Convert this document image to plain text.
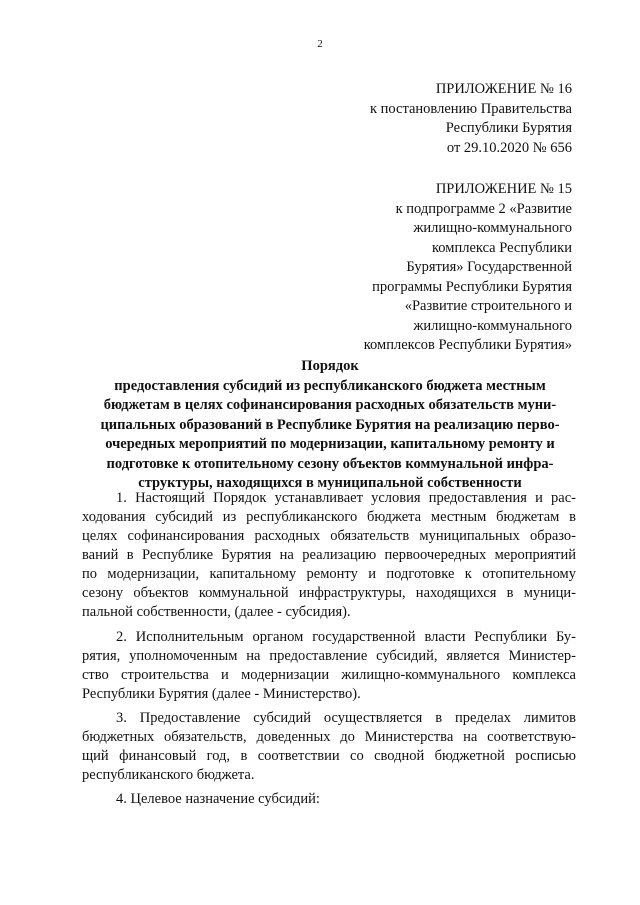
2
ПРИЛОЖЕНИЕ № 16
к постановлению Правительства
Республики Бурятия
от 29.10.2020 № 656
ПРИЛОЖЕНИЕ № 15
к подпрограмме 2 «Развитие
жилищно-коммунального
комплекса Республики
Бурятия» Государственной
программы Республики Бурятия
«Развитие строительного и
жилищно-коммунального
комплексов Республики Бурятия»
Порядок
предоставления субсидий из республиканского бюджета местным
бюджетам в целях софинансирования расходных обязательств муни-
ципальных образований в Республике Бурятия на реализацию перво-
очередных мероприятий по модернизации, капитальному ремонту и
подготовке к отопительному сезону объектов коммунальной инфра-
структуры, находящихся в муниципальной собственности
1. Настоящий Порядок устанавливает условия предоставления и рас-
ходования субсидий из республиканского бюджета местным бюджетам в
целях софинансирования расходных обязательств муниципальных образо-
ваний в Республике Бурятия на реализацию первоочередных мероприятий
по модернизации, капитальному ремонту и подготовке к отопительному
сезону объектов коммунальной инфраструктуры, находящихся в муници-
пальной собственности, (далее - субсидия).
2. Исполнительным органом государственной власти Республики Бу-
рятия, уполномоченным на предоставление субсидий, является Министер-
ство строительства и модернизации жилищно-коммунального комплекса
Республики Бурятия (далее - Министерство).
3. Предоставление субсидий осуществляется в пределах лимитов
бюджетных обязательств, доведенных до Министерства на соответствую-
щий финансовый год, в соответствии со сводной бюджетной росписью
республиканского бюджета.
4. Целевое назначение субсидий:
